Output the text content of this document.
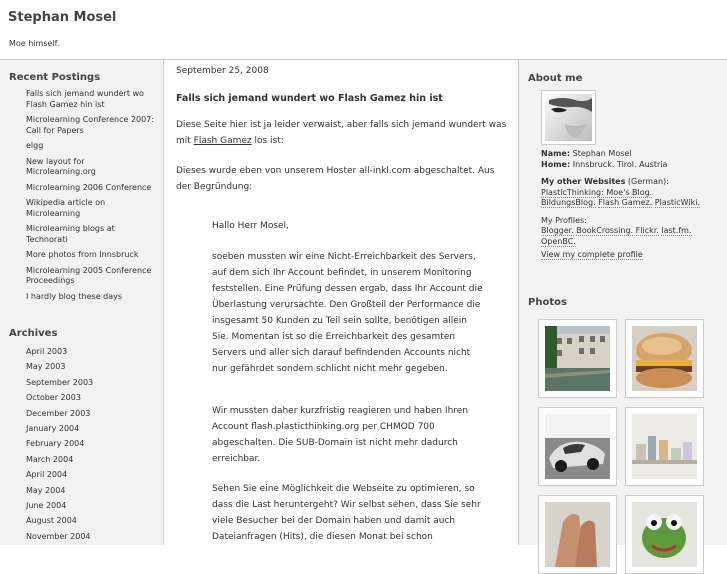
Stephan Mosel
Moe himself.
Recent Postings
Falls sich jemand wundert wo Flash Gamez hin ist
Microlearning Conference 2007: Call for Papers
elgg
New layout for Microlearning.org
Microlearning 2006 Conference
Wikipedia article on Microlearning
Microlearning blogs at Technorati
More photos from Innsbruck
Microlearning 2005 Conference Proceedings
I hardly blog these days
Archives
April 2003
May 2003
September 2003
October 2003
December 2003
January 2004
February 2004
March 2004
April 2004
May 2004
June 2004
August 2004
November 2004
September 25, 2008
Falls sich jemand wundert wo Flash Gamez hin ist
Diese Seite hier ist ja leider verwaist, aber falls sich jemand wundert was mit Flash Gamez los ist:
Dieses wurde eben von unserem Hoster all-inkl.com abgeschaltet. Aus der Begründung:
Hallo Herr Mosel,
soeben mussten wir eine Nicht-Erreichbarkeit des Servers, auf dem sich Ihr Account befindet, in unserem Monitoring feststellen. Eine Prüfung dessen ergab, dass Ihr Account die Überlastung verursachte. Den Großteil der Performance die insgesamt 50 Kunden zu Teil sein sollte, benötigen allein Sie. Momentan ist so die Erreichbarkeit des gesamten Servers und aller sich darauf befindenden Accounts nicht nur gefährdet sondern schlicht nicht mehr gegeben.
Wir mussten daher kurzfristig reagieren und haben Ihren Account flash.plasticthinking.org per CHMOD 700 abgeschalten. Die SUB-Domain ist nicht mehr dadurch erreichbar.
Sehen Sie eine Möglichkeit die Webseite zu optimieren, so dass die Last heruntergeht? Wir selbst sehen, dass Sie sehr viele Besucher bei der Domain haben und damit auch Dateianfragen (Hits), die diesen Monat bei schon
About me
Name: Stephan Mosel
Home: Innsbruck. Tirol. Austria
My other Websites (German):
PlasticThinking: Moe's Blog.
BildungsBlog. Flash Gamez. PlasticWiki.
My Profiles:
Blogger. BookCrossing. Flickr. last.fm.
OpenBC.
View my complete profile
Photos
